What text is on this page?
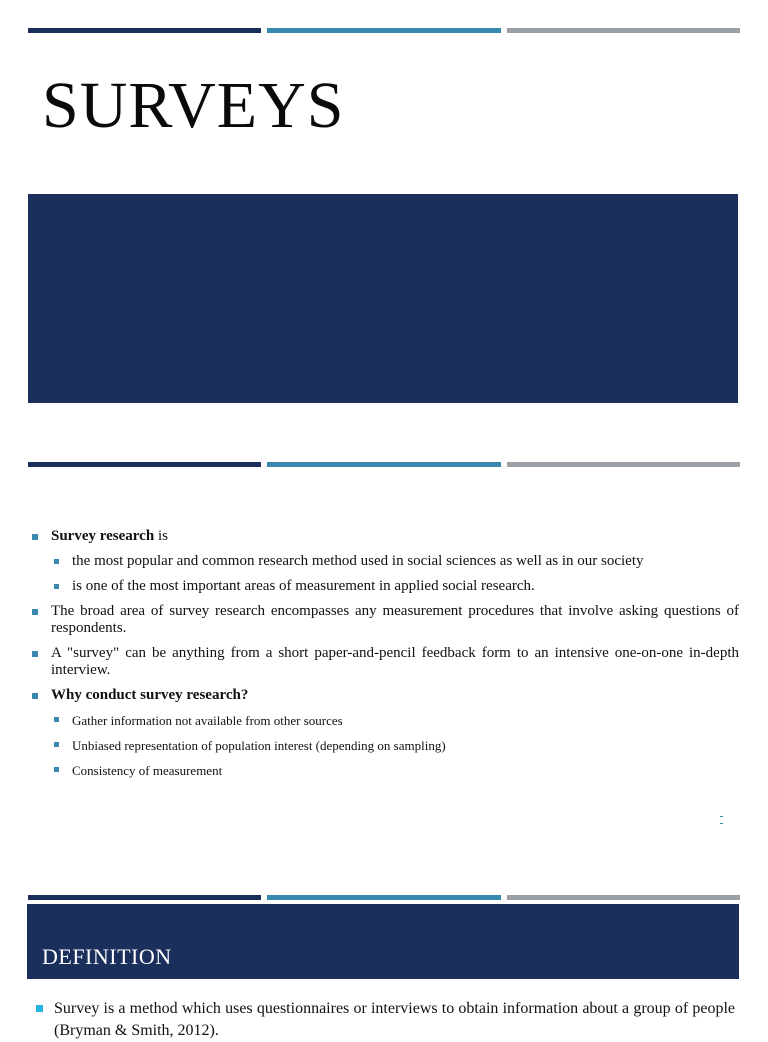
SURVEYS
Survey research is
the most popular and common research method used in social sciences as well as in our society
is one of the most important areas of measurement in applied social research.
The broad area of survey research encompasses any measurement procedures that involve asking questions of respondents.
A "survey" can be anything from a short paper-and-pencil feedback form to an intensive one-on-one in-depth interview.
Why conduct survey research?
Gather information not available from other sources
Unbiased representation of population interest (depending on sampling)
Consistency of measurement
DEFINITION
Survey is a method which uses questionnaires or interviews to obtain information about a group of people (Bryman & Smith, 2012).
